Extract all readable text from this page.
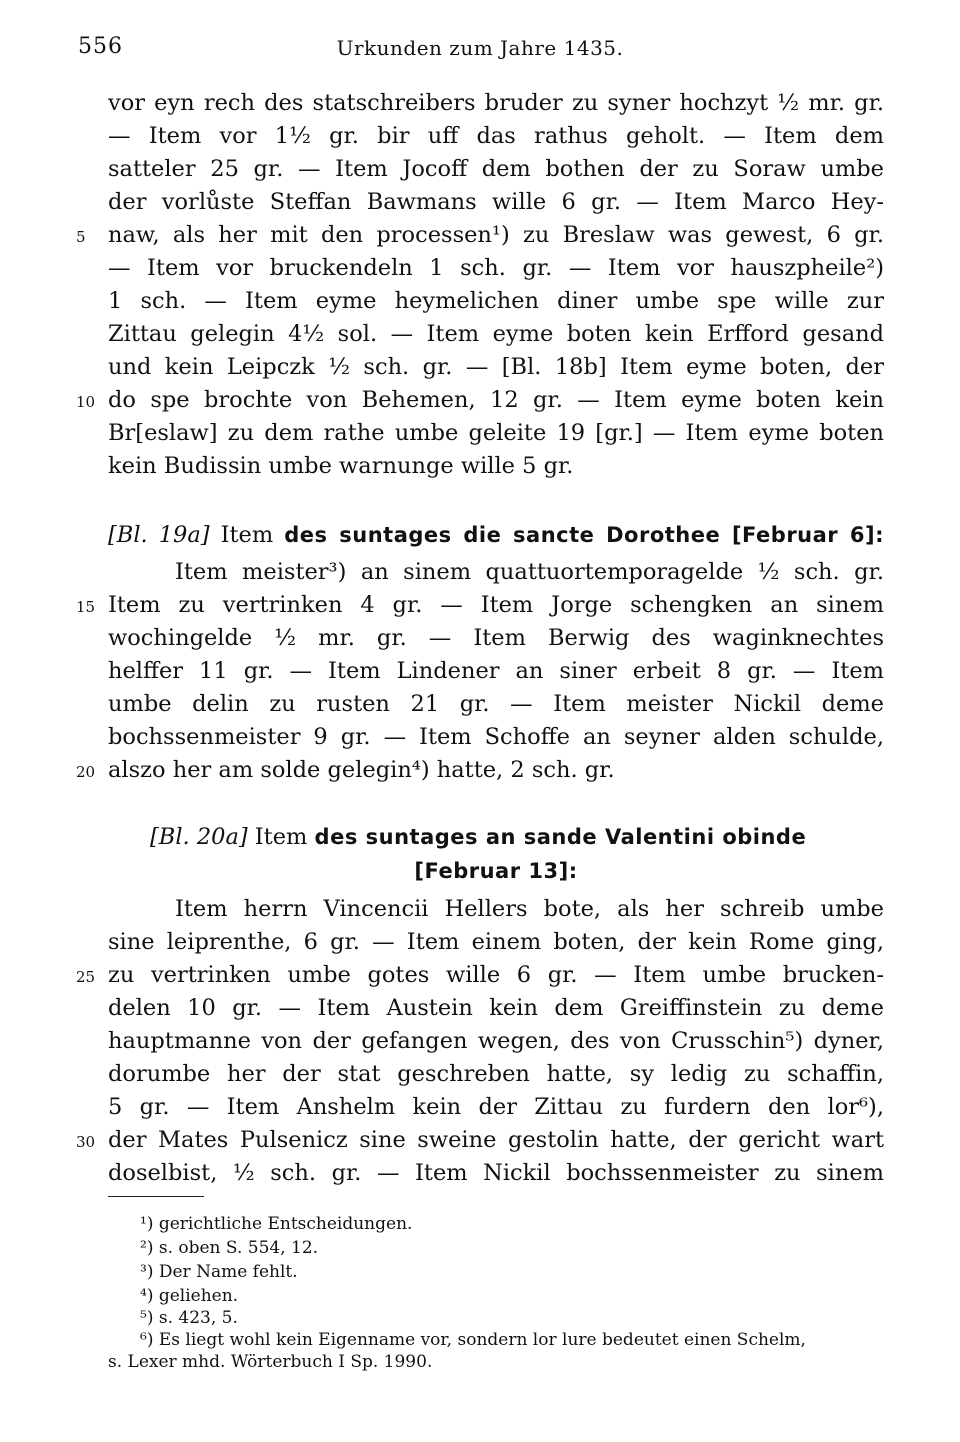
556	Urkunden zum Jahre 1435.
vor eyn rech des statschreibers bruder zu syner hochzyt ½ mr. gr.
— Item vor 1½ gr. bir uff das rathus geholt. — Item dem
satteler 25 gr. — Item Jocoff dem bothen der zu Soraw umbe
der vorlůste Steffan Bawmans wille 6 gr. — Item Marco Hey-
5 naw, als her mit den processen¹) zu Breslaw was gewest, 6 gr.
— Item vor bruckendeln 1 sch. gr. — Item vor hauszpheile²)
1 sch. — Item eyme heymelichen diner umbe spe wille zur
Zittau gelegin 4½ sol. — Item eyme boten kein Erfford gesand
und kein Leipczk ½ sch. gr. — [Bl. 18b] Item eyme boten, der
10 do spe brochte von Behemen, 12 gr. — Item eyme boten kein
Br[eslaw] zu dem rathe umbe geleite 19 [gr.] — Item eyme boten
kein Budissin umbe warnunge wille 5 gr.
[Bl. 19a] Item des suntages die sancte Dorothee [Februar 6]:
Item meister³) an sinem quattuortemporagelde ½ sch. gr.
15 Item zu vertrinken 4 gr. — Item Jorge schengken an sinem
wochingelde ½ mr. gr. — Item Berwig des waginknechtes
helffer 11 gr. — Item Lindener an siner erbeit 8 gr. — Item
umbe delin zu rusten 21 gr. — Item meister Nickil deme
bochssenmeister 9 gr. — Item Schoffe an seyner alden schulde,
20 alszo her am solde gelegin⁴) hatte, 2 sch. gr.
[Bl. 20a] Item des suntages an sande Valentini obinde
[Februar 13]:
Item herrn Vincencii Hellers bote, als her schreib umbe
sine leiprenthe, 6 gr. — Item einem boten, der kein Rome ging,
25 zu vertrinken umbe gotes wille 6 gr. — Item umbe brucken-
delen 10 gr. — Item Austein kein dem Greiffinstein zu deme
hauptmanne von der gefangen wegen, des von Crusschin⁵) dyner,
dorumbe her der stat geschreben hatte, sy ledig zu schaffin,
5 gr. — Item Anshelm kein der Zittau zu furdern den lor⁶),
30 der Mates Pulsenicz sine sweine gestolin hatte, der gericht wart
doselbist, ½ sch. gr. — Item Nickil bochssenmeister zu sinem
¹) gerichtliche Entscheidungen.
²) s. oben S. 554, 12.
³) Der Name fehlt.
⁴) geliehen.
⁵) s. 423, 5.
⁶) Es liegt wohl kein Eigenname vor, sondern lor lure bedeutet einen Schelm,
s. Lexer mhd. Wörterbuch I Sp. 1990.
